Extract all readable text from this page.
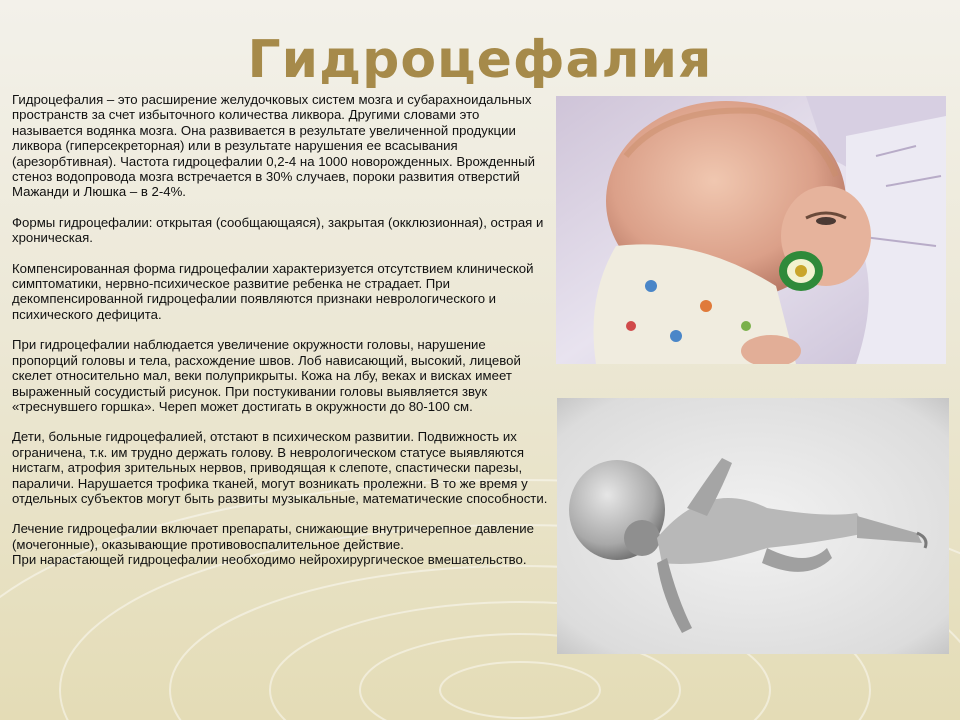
Гидроцефалия

Гидроцефалия – это расширение желудочковых систем мозга и субарахноидальных пространств за счет избыточного количества ликвора. Другими словами это называется водянка мозга. Она развивается в результате увеличенной продукции ликвора (гиперсекреторная) или в результате нарушения ее всасывания (арезорбтивная). Частота гидроцефалии 0,2-4 на 1000 новорожденных. Врожденный стеноз водопровода мозга встречается в 30% случаев, пороки развития отверстий Мажанди и Люшка – в 2-4%.

Формы гидроцефалии: открытая (сообщающаяся), закрытая (окклюзионная), острая и хроническая.

Компенсированная форма гидроцефалии характеризуется отсутствием клинической симптоматики, нервно-психическое развитие ребенка не страдает. При декомпенсированной гидроцефалии появляются признаки неврологического и психического дефицита.

При гидроцефалии наблюдается увеличение окружности головы, нарушение пропорций головы и тела, расхождение швов. Лоб нависающий, высокий, лицевой скелет относительно мал, веки полуприкрыты. Кожа на лбу, веках и висках имеет выраженный сосудистый рисунок. При постукивании головы выявляется звук «треснувшего горшка». Череп может достигать в окружности до 80-100 см.

Дети, больные гидроцефалией, отстают в психическом развитии. Подвижность их ограничена, т.к. им трудно держать голову. В неврологическом статусе выявляются нистагм, атрофия зрительных нервов, приводящая к слепоте, спастически парезы, параличи. Нарушается трофика тканей, могут возникать пролежни. В то же время у отдельных субъектов могут быть развиты музыкальные, математические способности.

Лечение гидроцефалии включает препараты, снижающие внутричерепное давление (мочегонные), оказывающие противовоспалительное действие.

При нарастающей гидроцефалии необходимо нейрохирургическое вмешательство.
